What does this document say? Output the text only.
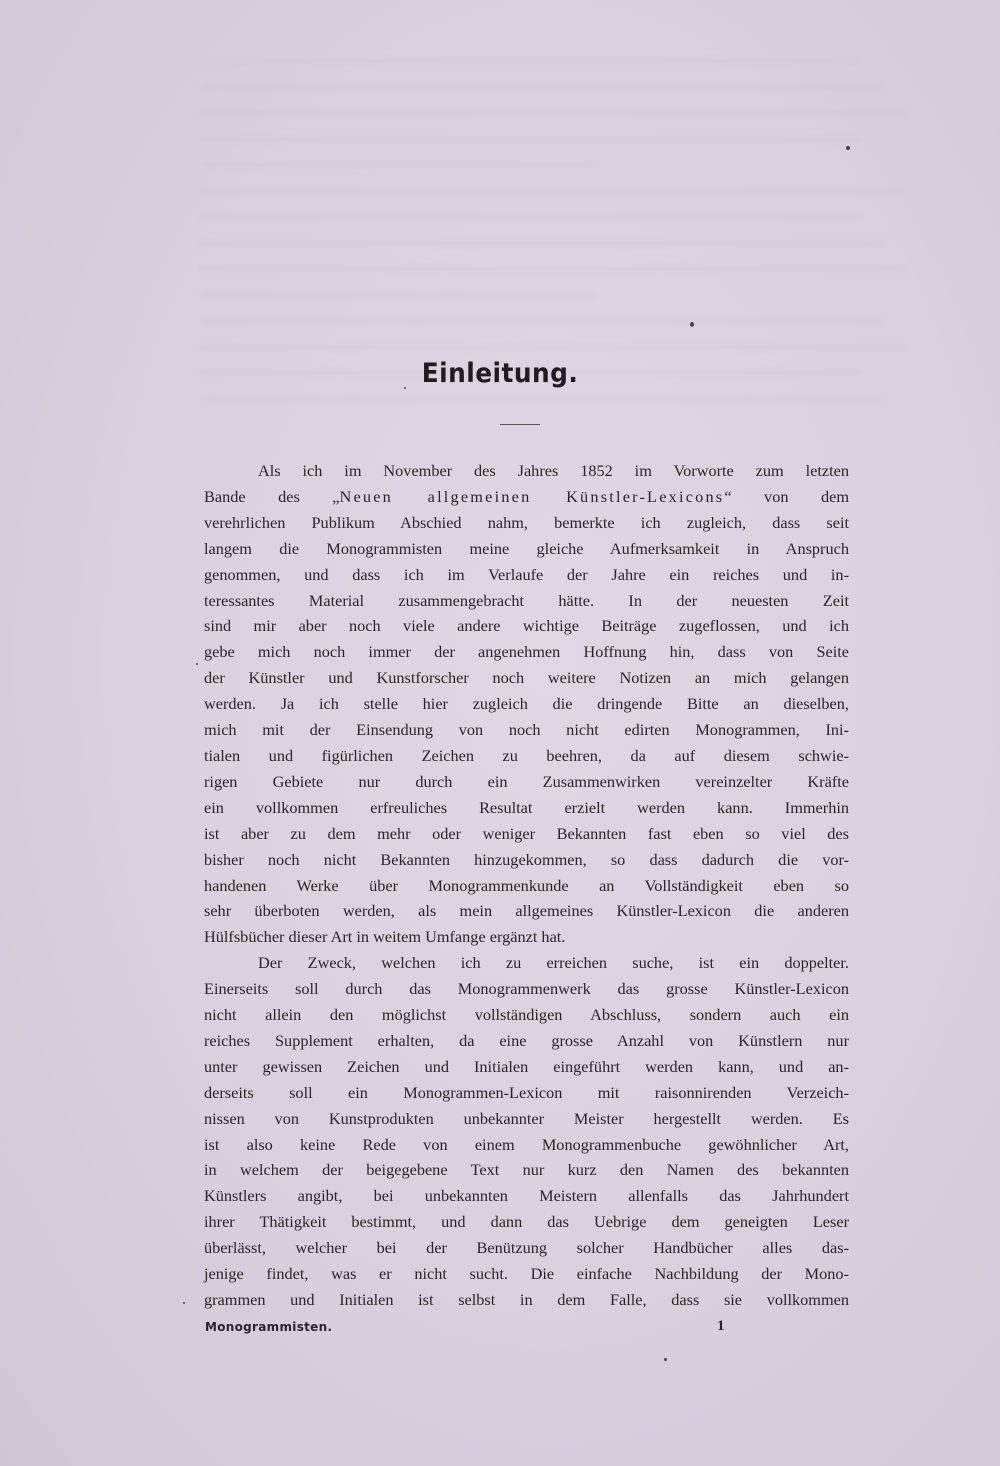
Einleitung.
Als ich im November des Jahres 1852 im Vorworte zum letzten
Bande des „Neuen allgemeinen Künstler-Lexicons“ von dem
verehrlichen Publikum Abschied nahm, bemerkte ich zugleich, dass seit
langem die Monogrammisten meine gleiche Aufmerksamkeit in Anspruch
genommen, und dass ich im Verlaufe der Jahre ein reiches und in-
teressantes Material zusammengebracht hätte. In der neuesten Zeit
sind mir aber noch viele andere wichtige Beiträge zugeflossen, und ich
gebe mich noch immer der angenehmen Hoffnung hin, dass von Seite
der Künstler und Kunstforscher noch weitere Notizen an mich gelangen
werden. Ja ich stelle hier zugleich die dringende Bitte an dieselben,
mich mit der Einsendung von noch nicht edirten Monogrammen, Ini-
tialen und figürlichen Zeichen zu beehren, da auf diesem schwie-
rigen Gebiete nur durch ein Zusammenwirken vereinzelter Kräfte
ein vollkommen erfreuliches Resultat erzielt werden kann. Immerhin
ist aber zu dem mehr oder weniger Bekannten fast eben so viel des
bisher noch nicht Bekannten hinzugekommen, so dass dadurch die vor-
handenen Werke über Monogrammenkunde an Vollständigkeit eben so
sehr überboten werden, als mein allgemeines Künstler-Lexicon die anderen
Hülfsbücher dieser Art in weitem Umfange ergänzt hat.
Der Zweck, welchen ich zu erreichen suche, ist ein doppelter.
Einerseits soll durch das Monogrammenwerk das grosse Künstler-Lexicon
nicht allein den möglichst vollständigen Abschluss, sondern auch ein
reiches Supplement erhalten, da eine grosse Anzahl von Künstlern nur
unter gewissen Zeichen und Initialen eingeführt werden kann, und an-
derseits soll ein Monogrammen-Lexicon mit raisonnirenden Verzeich-
nissen von Kunstprodukten unbekannter Meister hergestellt werden. Es
ist also keine Rede von einem Monogrammenbuche gewöhnlicher Art,
in welchem der beigegebene Text nur kurz den Namen des bekannten
Künstlers angibt, bei unbekannten Meistern allenfalls das Jahrhundert
ihrer Thätigkeit bestimmt, und dann das Uebrige dem geneigten Leser
überlässt, welcher bei der Benützung solcher Handbücher alles das-
jenige findet, was er nicht sucht. Die einfache Nachbildung der Mono-
grammen und Initialen ist selbst in dem Falle, dass sie vollkommen
Monogrammisten.	1
